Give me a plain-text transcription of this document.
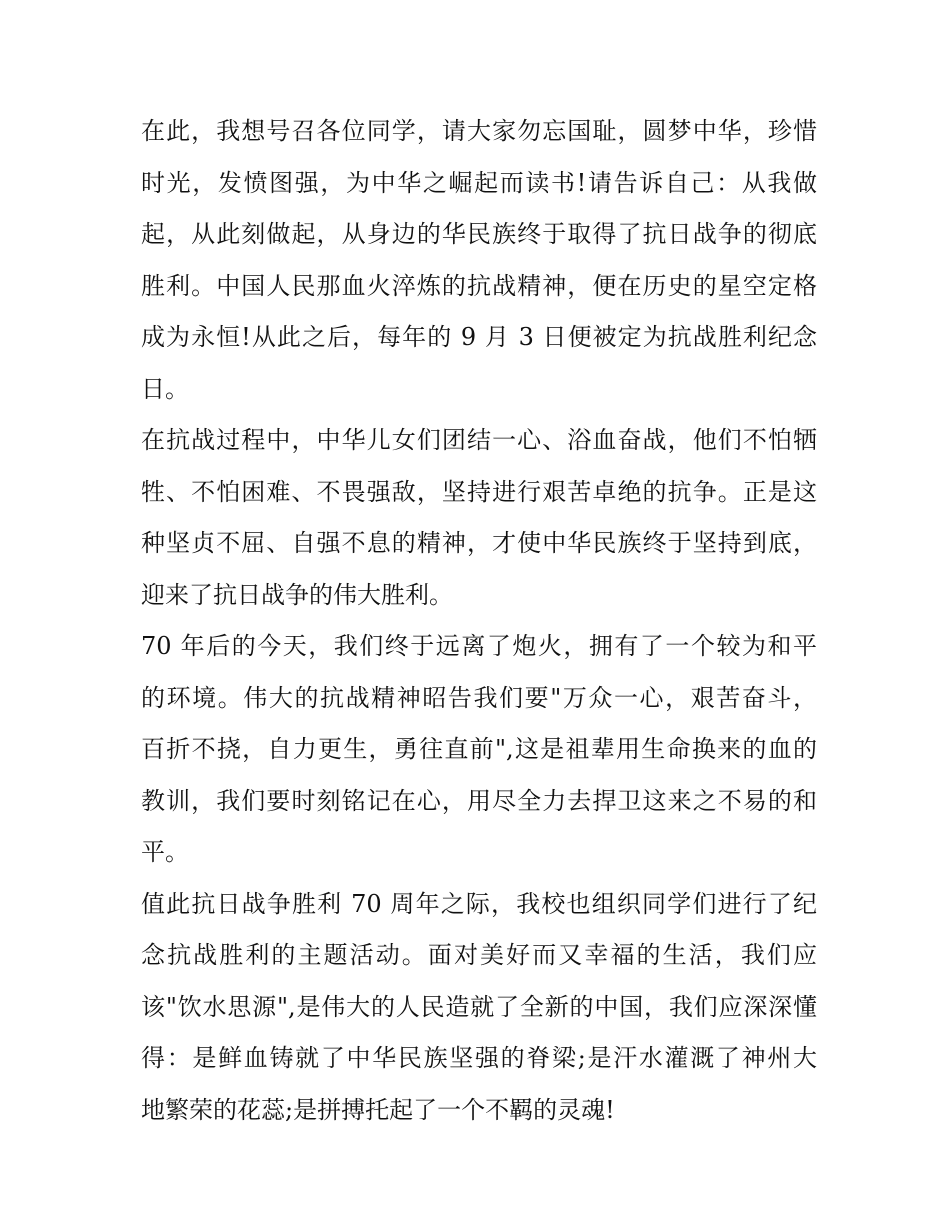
在此，我想号召各位同学，请大家勿忘国耻，圆梦中华，珍惜
时光，发愤图强，为中华之崛起而读书!请告诉自己：从我做
起，从此刻做起，从身边的华民族终于取得了抗日战争的彻底
胜利。中国人民那血火淬炼的抗战精神，便在历史的星空定格
成为永恒!从此之后，每年的 9 月 3 日便被定为抗战胜利纪念
日。
在抗战过程中，中华儿女们团结一心、浴血奋战，他们不怕牺
牲、不怕困难、不畏强敌，坚持进行艰苦卓绝的抗争。正是这
种坚贞不屈、自强不息的精神，才使中华民族终于坚持到底，
迎来了抗日战争的伟大胜利。
70 年后的今天，我们终于远离了炮火，拥有了一个较为和平
的环境。伟大的抗战精神昭告我们要"万众一心，艰苦奋斗，
百折不挠，自力更生，勇往直前",这是祖辈用生命换来的血的
教训，我们要时刻铭记在心，用尽全力去捍卫这来之不易的和
平。
值此抗日战争胜利 70 周年之际，我校也组织同学们进行了纪
念抗战胜利的主题活动。面对美好而又幸福的生活，我们应
该"饮水思源",是伟大的人民造就了全新的中国，我们应深深懂
得：是鲜血铸就了中华民族坚强的脊梁;是汗水灌溉了神州大
地繁荣的花蕊;是拼搏托起了一个不羁的灵魂!
